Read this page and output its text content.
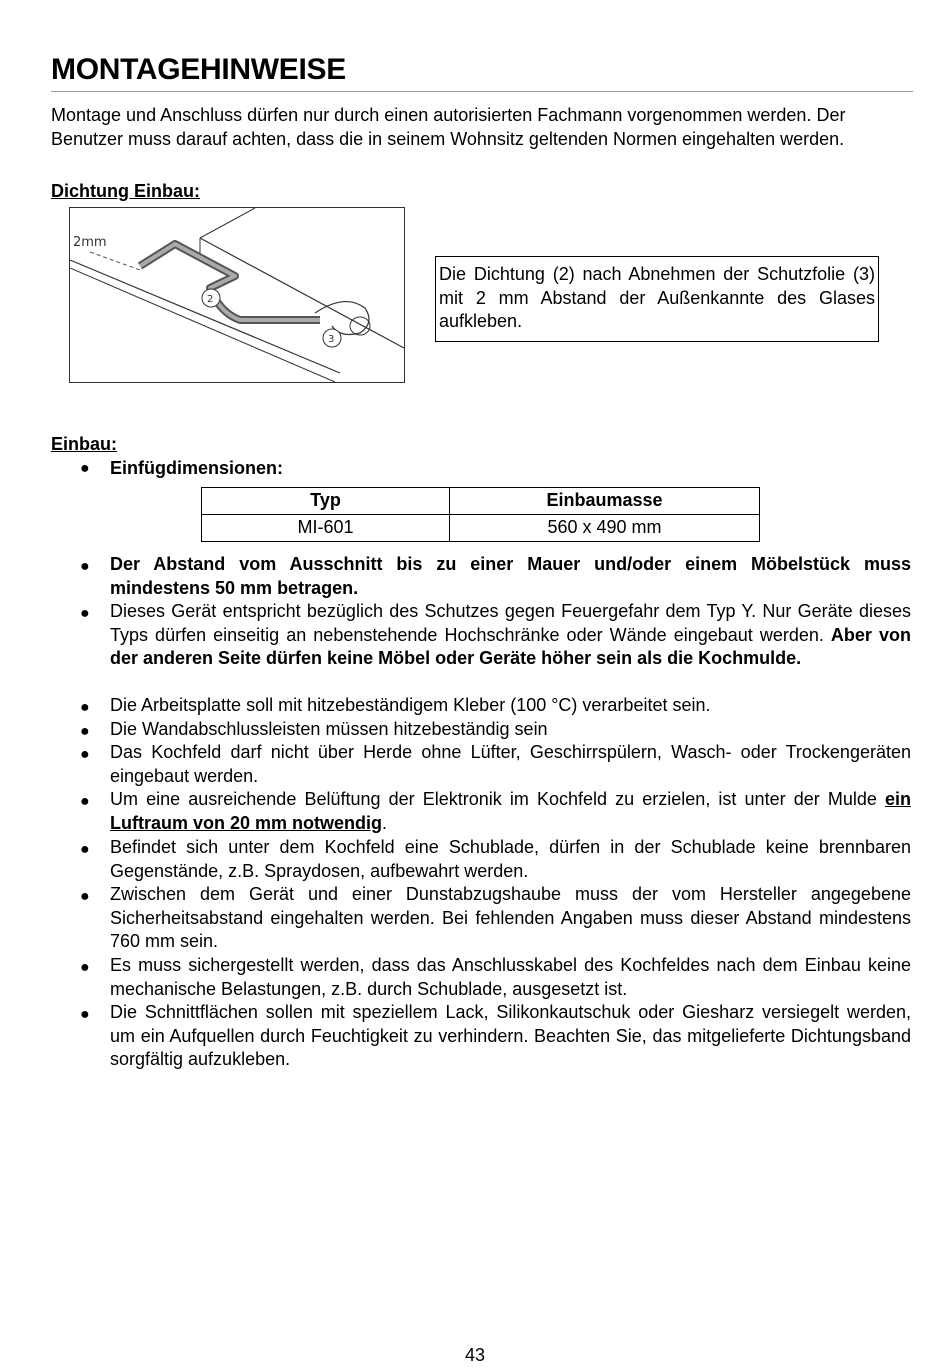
MONTAGEHINWEISE
Montage und Anschluss dürfen nur durch einen autorisierten Fachmann vorgenommen werden. Der Benutzer muss darauf achten, dass die in seinem Wohnsitz geltenden Normen eingehalten werden.
Dichtung Einbau:
2mm
2
3
Die Dichtung (2) nach Abnehmen der Schutzfolie (3) mit 2 mm Abstand der Außenkannte des Glases aufkleben.
Einbau:
● Einfügdimensionen:
Typ	Einbaumasse
MI-601	560 x 490 mm
● Der Abstand vom Ausschnitt bis zu einer Mauer und/oder einem Möbelstück muss mindestens 50 mm betragen.
● Dieses Gerät entspricht bezüglich des Schutzes gegen Feuergefahr dem Typ Y. Nur Geräte dieses Typs dürfen einseitig an nebenstehende Hochschränke oder Wände eingebaut werden. Aber von der anderen Seite dürfen keine Möbel oder Geräte höher sein als die Kochmulde.
● Die Arbeitsplatte soll mit hitzebeständigem Kleber (100 °C) verarbeitet sein.
● Die Wandabschlussleisten müssen hitzebeständig sein
● Das Kochfeld darf nicht über Herde ohne Lüfter, Geschirrspülern, Wasch- oder Trockengeräten eingebaut werden.
● Um eine ausreichende Belüftung der Elektronik im Kochfeld zu erzielen, ist unter der Mulde ein Luftraum von 20 mm notwendig.
● Befindet sich unter dem Kochfeld eine Schublade, dürfen in der Schublade keine brennbaren Gegenstände, z.B. Spraydosen, aufbewahrt werden.
● Zwischen dem Gerät und einer Dunstabzugshaube muss der vom Hersteller angegebene Sicherheitsabstand eingehalten werden. Bei fehlenden Angaben muss dieser Abstand mindestens 760 mm sein.
● Es muss sichergestellt werden, dass das Anschlusskabel des Kochfeldes nach dem Einbau keine mechanische Belastungen, z.B. durch Schublade, ausgesetzt ist.
● Die Schnittflächen sollen mit speziellem Lack, Silikonkautschuk oder Giesharz versiegelt werden, um ein Aufquellen durch Feuchtigkeit zu verhindern. Beachten Sie, das mitgelieferte Dichtungsband sorgfältig aufzukleben.
43
